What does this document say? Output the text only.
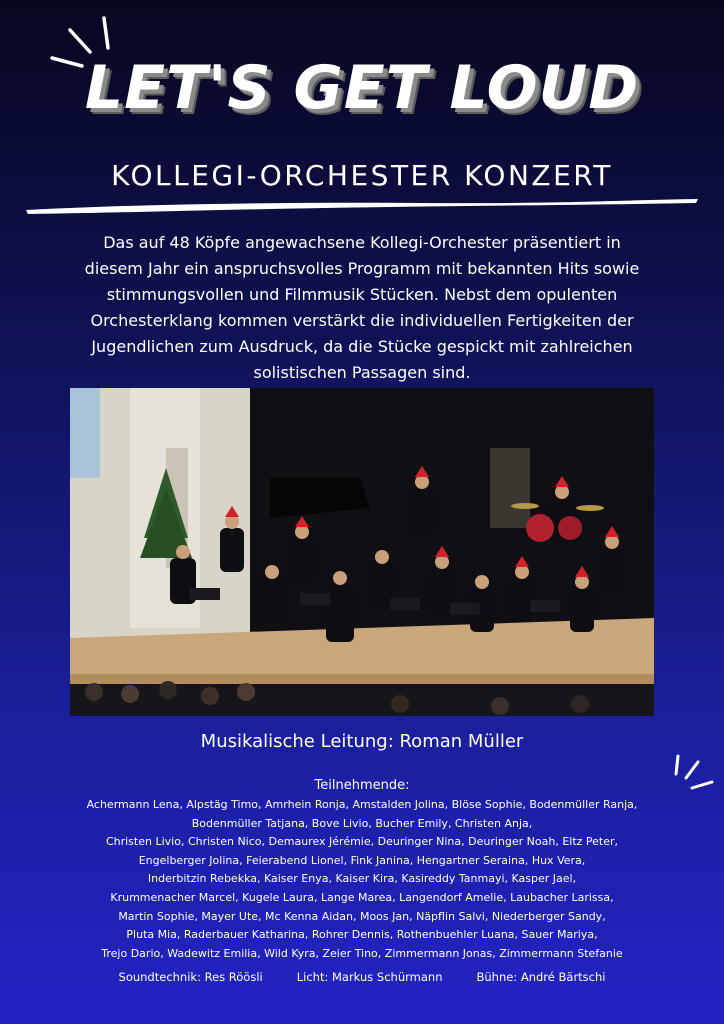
LET'S GET LOUD
KOLLEGI-ORCHESTER KONZERT
Das auf 48 Köpfe angewachsene Kollegi-Orchester präsentiert in
diesem Jahr ein anspruchsvolles Programm mit bekannten Hits sowie
stimmungsvollen und Filmmusik Stücken. Nebst dem opulenten
Orchesterklang kommen verstärkt die individuellen Fertigkeiten der
Jugendlichen zum Ausdruck, da die Stücke gespickt mit zahlreichen
solistischen Passagen sind.
Musikalische Leitung: Roman Müller
Teilnehmende:
Achermann Lena, Alpstäg Timo, Amrhein Ronja, Amstalden Jolina, Blöse Sophie, Bodenmüller Ranja,
Bodenmüller Tatjana, Bove Livio, Bucher Emily, Christen Anja,
Christen Livio, Christen Nico, Demaurex Jérémie, Deuringer Nina, Deuringer Noah, Eltz Peter,
Engelberger Jolina, Feierabend Lionel, Fink Janina, Hengartner Seraina, Hux Vera,
Inderbitzin Rebekka, Kaiser Enya, Kaiser Kira, Kasireddy Tanmayi, Kasper Jael,
Krummenacher Marcel, Kugele Laura, Lange Marea, Langendorf Amelie, Laubacher Larissa,
Martin Sophie, Mayer Ute, Mc Kenna Aidan, Moos Jan, Näpflin Salvi, Niederberger Sandy,
Pluta Mia, Raderbauer Katharina, Rohrer Dennis, Rothenbuehler Luana, Sauer Mariya,
Trejo Dario, Wadewitz Emilia, Wild Kyra, Zeier Tino, Zimmermann Jonas, Zimmermann Stefanie
Soundtechnik: Res Röösli	Licht: Markus Schürmann	Bühne: André Bärtschi
